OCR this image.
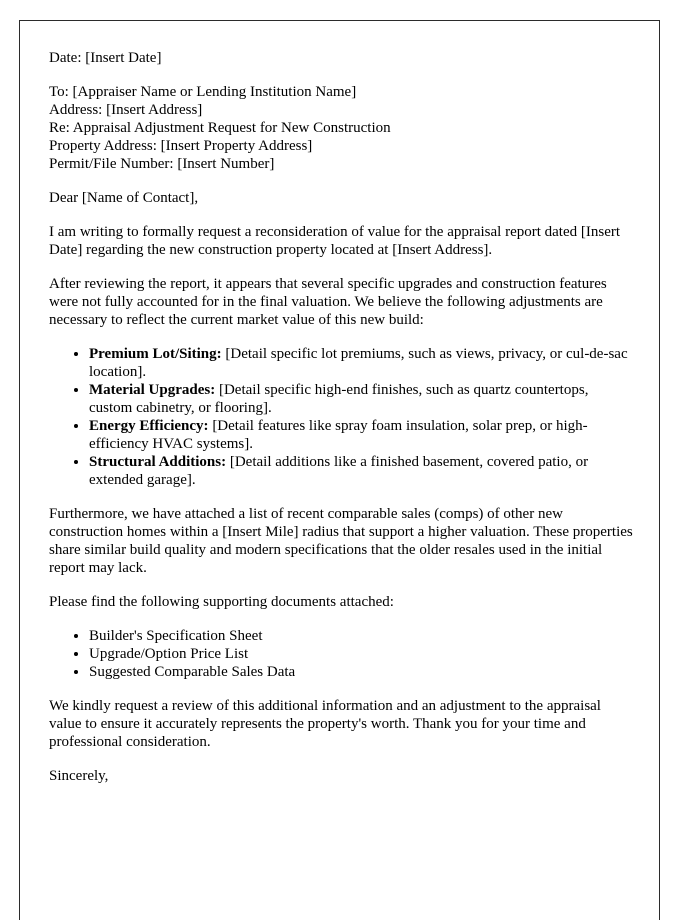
Date: [Insert Date]

To: [Appraiser Name or Lending Institution Name]
Address: [Insert Address]
Re: Appraisal Adjustment Request for New Construction
Property Address: [Insert Property Address]
Permit/File Number: [Insert Number]

Dear [Name of Contact],

I am writing to formally request a reconsideration of value for the appraisal report dated [Insert Date] regarding the new construction property located at [Insert Address].

After reviewing the report, it appears that several specific upgrades and construction features were not fully accounted for in the final valuation. We believe the following adjustments are necessary to reflect the current market value of this new build:

• Premium Lot/Siting: [Detail specific lot premiums, such as views, privacy, or cul-de-sac location].
• Material Upgrades: [Detail specific high-end finishes, such as quartz countertops, custom cabinetry, or flooring].
• Energy Efficiency: [Detail features like spray foam insulation, solar prep, or high-efficiency HVAC systems].
• Structural Additions: [Detail additions like a finished basement, covered patio, or extended garage].

Furthermore, we have attached a list of recent comparable sales (comps) of other new construction homes within a [Insert Mile] radius that support a higher valuation. These properties share similar build quality and modern specifications that the older resales used in the initial report may lack.

Please find the following supporting documents attached:

• Builder's Specification Sheet
• Upgrade/Option Price List
• Suggested Comparable Sales Data

We kindly request a review of this additional information and an adjustment to the appraisal value to ensure it accurately represents the property's worth. Thank you for your time and professional consideration.

Sincerely,
